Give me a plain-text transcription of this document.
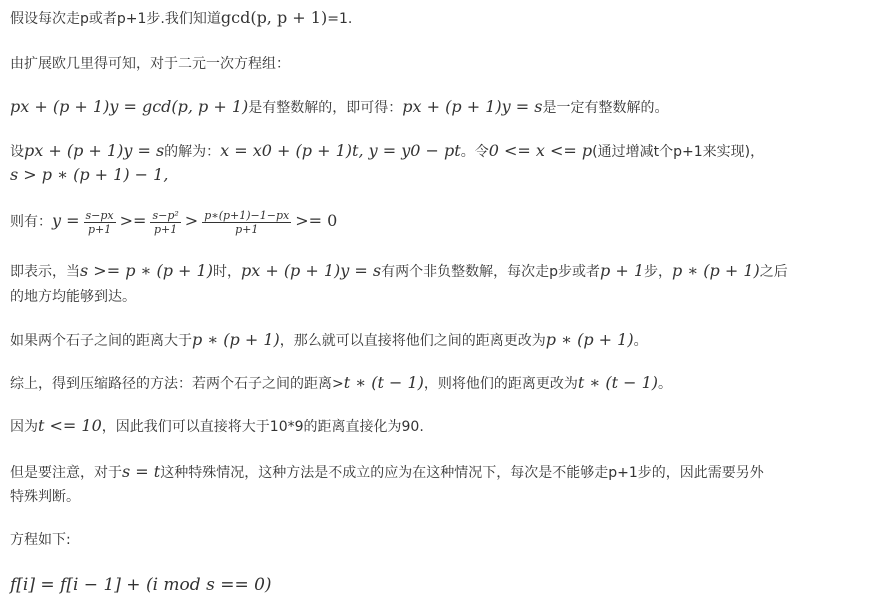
假设每次走p或者p+1步.我们知道gcd(p, p + 1)=1.
由扩展欧几里得可知，对于二元一次方程组：
px + (p + 1)y = gcd(p, p + 1)是有整数解的，即可得：px + (p + 1)y = s是一定有整数解的。
设px + (p + 1)y = s的解为：x = x0 + (p + 1)t, y = y0 − pt。令0 <= x <= p(通过增减t个p+1来实现)，
s > p ∗ (p + 1) − 1,
则有：$y = \frac{s-px}{p+1} >= \frac{\text{s−p²}}{p+1} > \frac{p∗(p+1)-1-px}{p+1} >= 0$
即表示，当s >= p ∗ (p + 1)时，px + (p + 1)y = s有两个非负整数解，每次走p步或者p + 1步，p ∗ (p + 1)之后
的地方均能够到达。
如果两个石子之间的距离大于p ∗ (p + 1)，那么就可以直接将他们之间的距离更改为p ∗ (p + 1)。
综上，得到压缩路径的方法：若两个石子之间的距离>t ∗ (t − 1)，则将他们的距离更改为t ∗ (t − 1)。
因为t <= 10，因此我们可以直接将大于10*9的距离直接化为90.
但是要注意，对于s = t这种特殊情况，这种方法是不成立的应为在这种情况下，每次是不能够走p+1步的，因此需要另外
特殊判断。
方程如下:
f[i] = f[i − 1] + (i mod s == 0)
